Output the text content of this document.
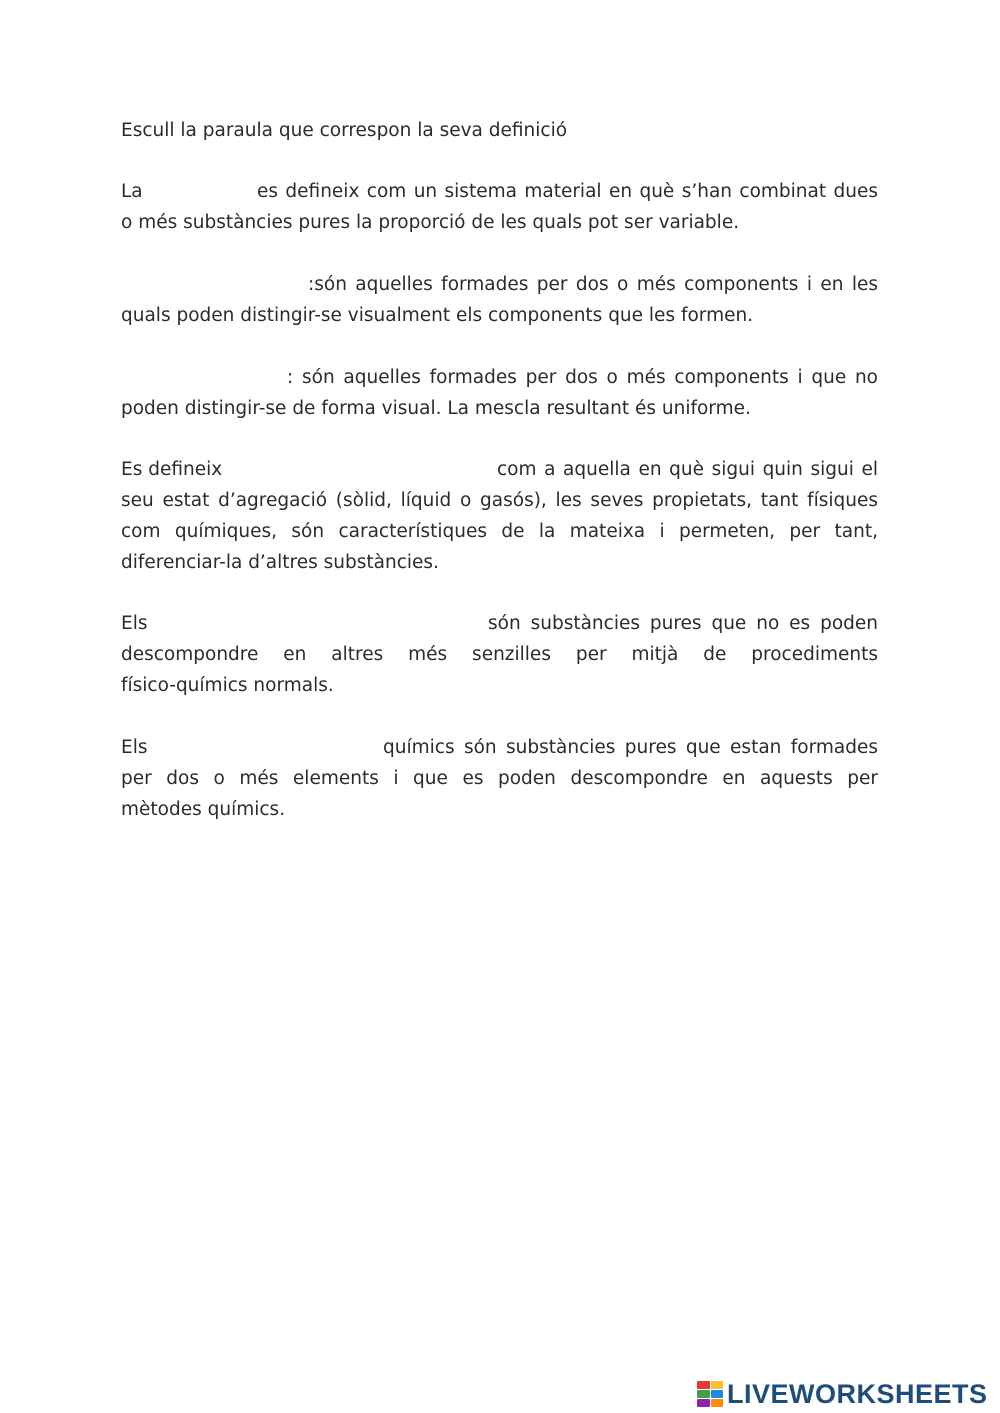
Escull la paraula que correspon la seva definició
La	es defineix com un sistema material en què s’han combinat dues
o més substàncies pures la proporció de les quals pot ser variable.
:són aquelles formades per dos o més components i en les
quals poden distingir-se visualment els components que les formen.
: són aquelles formades per dos o més components i que no
poden distingir-se de forma visual. La mescla resultant és uniforme.
Es defineix	com a aquella en què sigui quin sigui el
seu estat d’agregació (sòlid, líquid o gasós), les seves propietats, tant físiques
com químiques, són característiques de la mateixa i permeten, per tant,
diferenciar-la d’altres substàncies.
Els	són substàncies pures que no es poden
descompondre en altres més senzilles per mitjà de procediments
físico-químics normals.
Els	químics són substàncies pures que estan formades
per dos o més elements i que es poden descompondre en aquests per
mètodes químics.
LIVEWORKSHEETS
